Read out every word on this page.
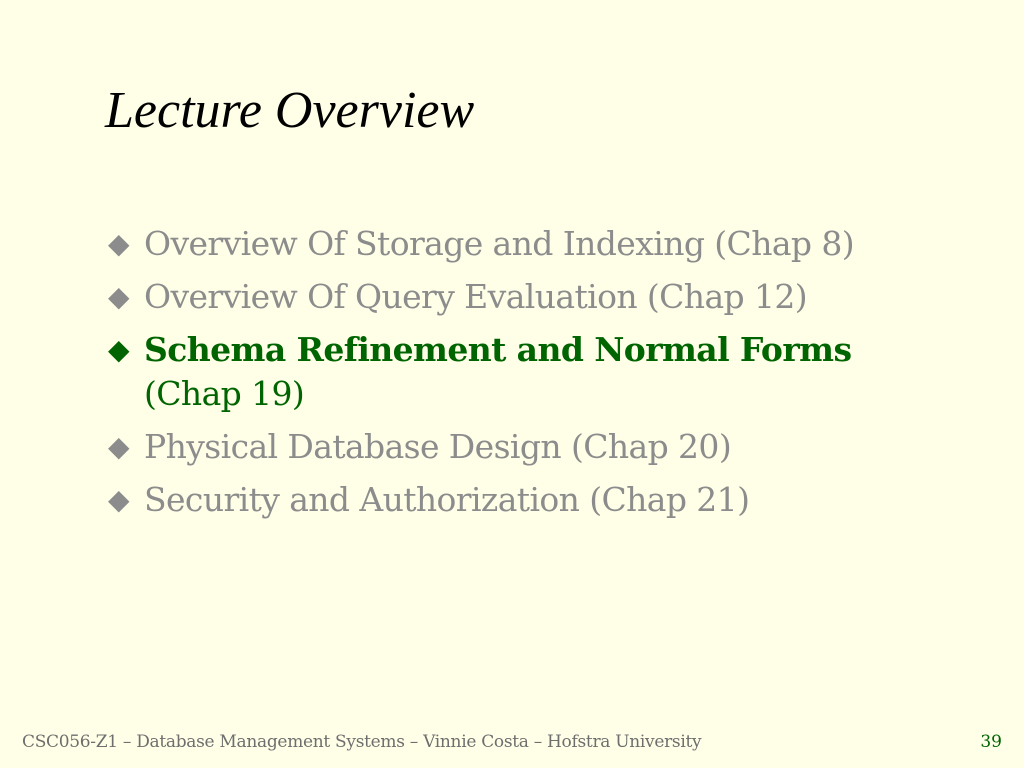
Lecture Overview
◆ Overview Of Storage and Indexing (Chap 8)
◆ Overview Of Query Evaluation (Chap 12)
◆ Schema Refinement and Normal Forms
(Chap 19)
◆ Physical Database Design (Chap 20)
◆ Security and Authorization (Chap 21)
CSC056-Z1 – Database Management Systems – Vinnie Costa – Hofstra University	39
